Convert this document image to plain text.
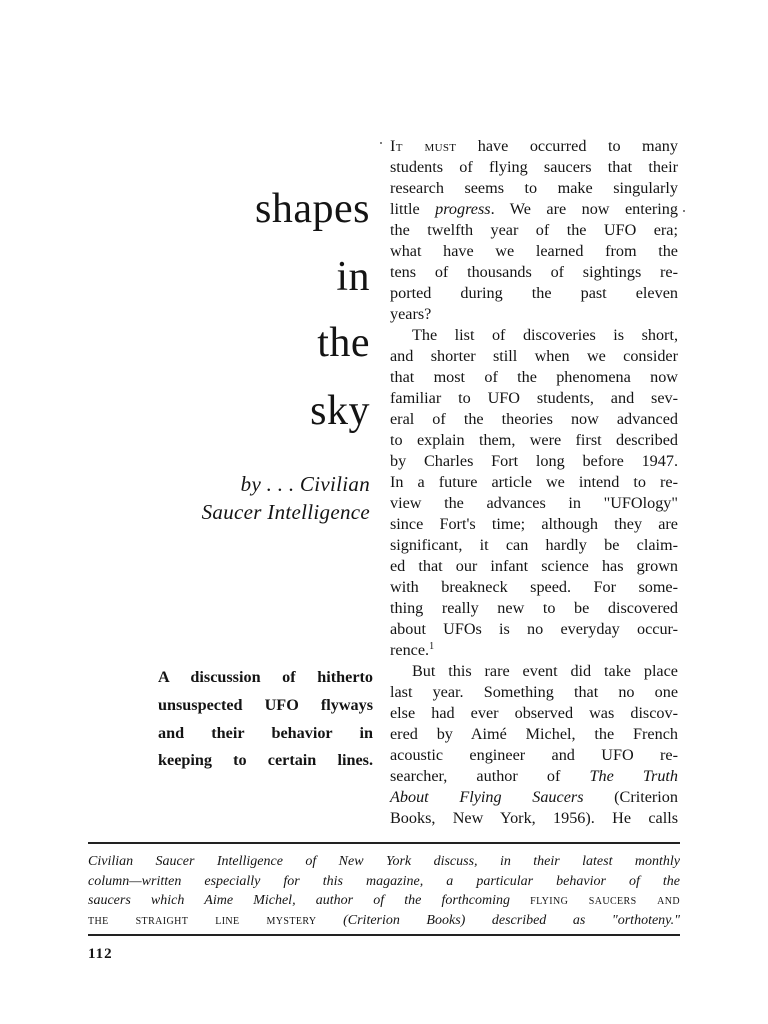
shapes
in
the
sky
by . . . Civilian
Saucer Intelligence
A discussion of hitherto
unsuspected UFO flyways
and their behavior in
keeping to certain lines.
It must have occurred to many
students of flying saucers that their
research seems to make singularly
little progress. We are now entering
the twelfth year of the UFO era;
what have we learned from the
tens of thousands of sightings re-
ported during the past eleven
years?
The list of discoveries is short,
and shorter still when we consider
that most of the phenomena now
familiar to UFO students, and sev-
eral of the theories now advanced
to explain them, were first described
by Charles Fort long before 1947.
In a future article we intend to re-
view the advances in "UFOlogy"
since Fort's time; although they are
significant, it can hardly be claim-
ed that our infant science has grown
with breakneck speed. For some-
thing really new to be discovered
about UFOs is no everyday occur-
rence.$^1$
But this rare event did take place
last year. Something that no one
else had ever observed was discov-
ered by Aimé Michel, the French
acoustic engineer and UFO re-
searcher, author of The Truth
About Flying Saucers (Criterion
Books, New York, 1956). He calls
Civilian Saucer Intelligence of New York discuss, in their latest monthly
column—written especially for this magazine, a particular behavior of the
saucers which Aime Michel, author of the forthcoming flying saucers and
the straight line mystery (Criterion Books) described as "orthoteny."
112
